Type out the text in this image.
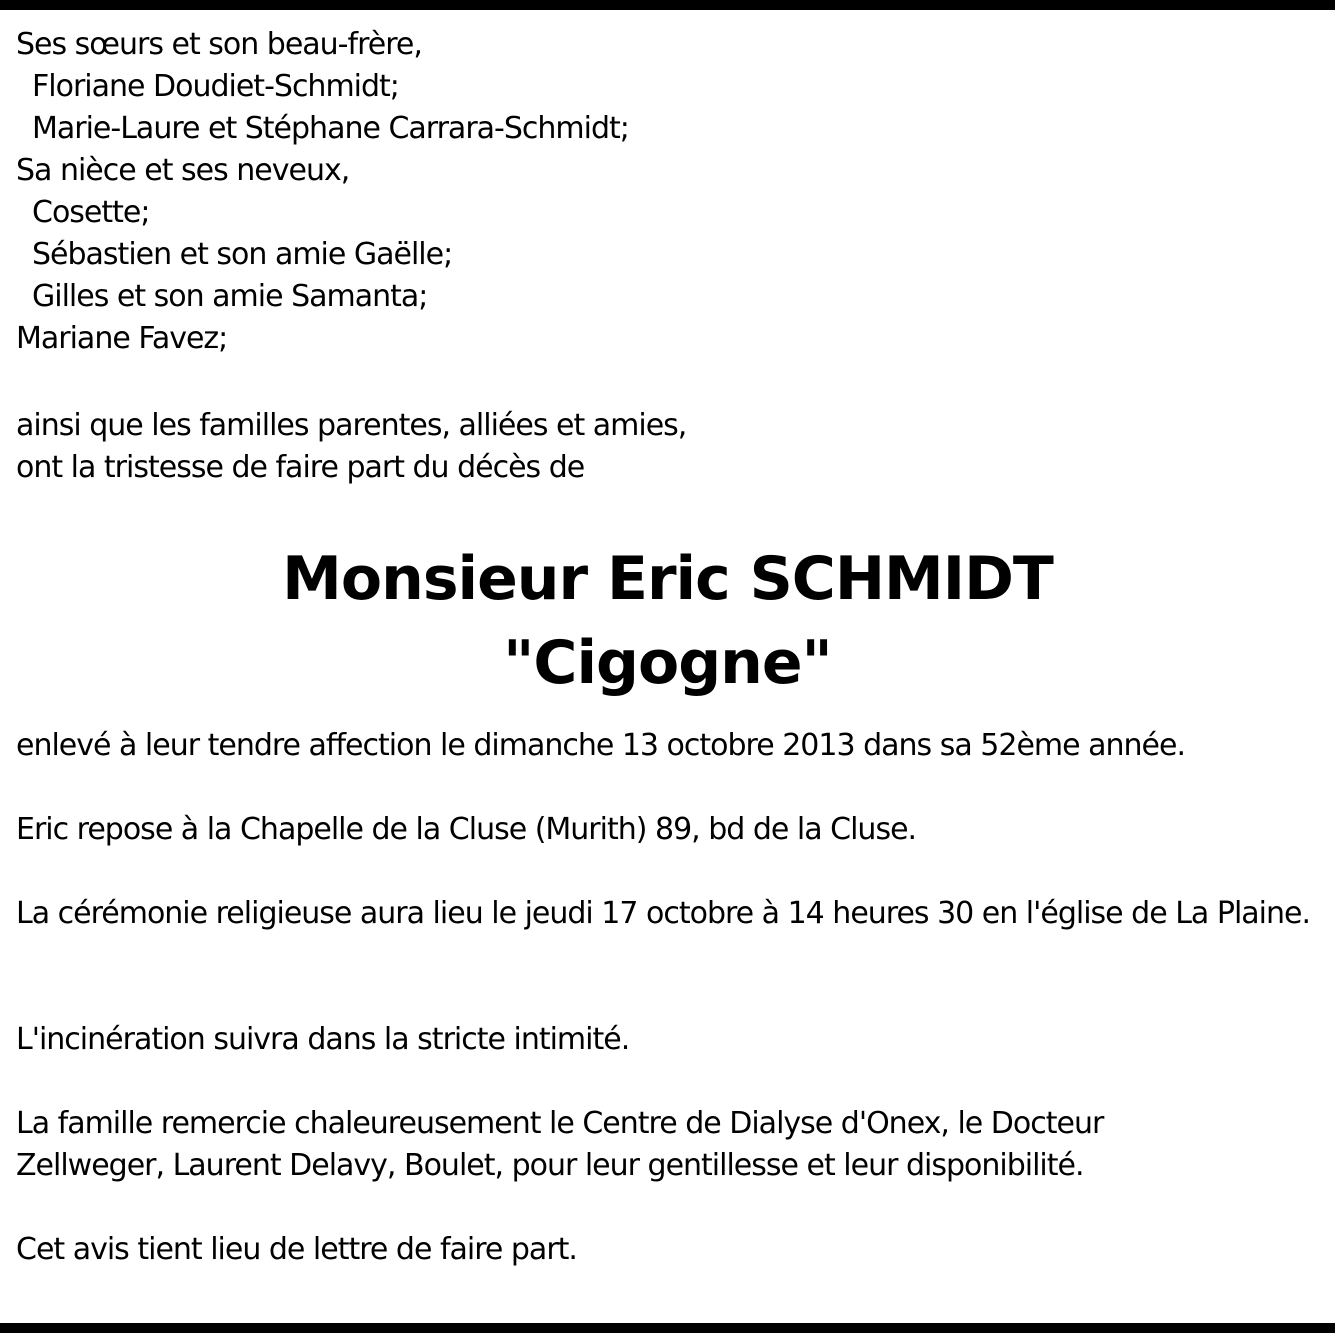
Ses sœurs et son beau-frère,
Floriane Doudiet-Schmidt;
Marie-Laure et Stéphane Carrara-Schmidt;
Sa nièce et ses neveux,
Cosette;
Sébastien et son amie Gaëlle;
Gilles et son amie Samanta;
Mariane Favez;
ainsi que les familles parentes, alliées et amies,
ont la tristesse de faire part du décès de
Monsieur Eric SCHMIDT
"Cigogne"
enlevé à leur tendre affection le dimanche 13 octobre 2013 dans sa 52ème année.
Eric repose à la Chapelle de la Cluse (Murith) 89, bd de la Cluse.
La cérémonie religieuse aura lieu le jeudi 17 octobre à 14 heures 30 en l'église de La Plaine.
L'incinération suivra dans la stricte intimité.
La famille remercie chaleureusement le Centre de Dialyse d'Onex, le Docteur Zellweger, Laurent Delavy, Boulet, pour leur gentillesse et leur disponibilité.
Cet avis tient lieu de lettre de faire part.
